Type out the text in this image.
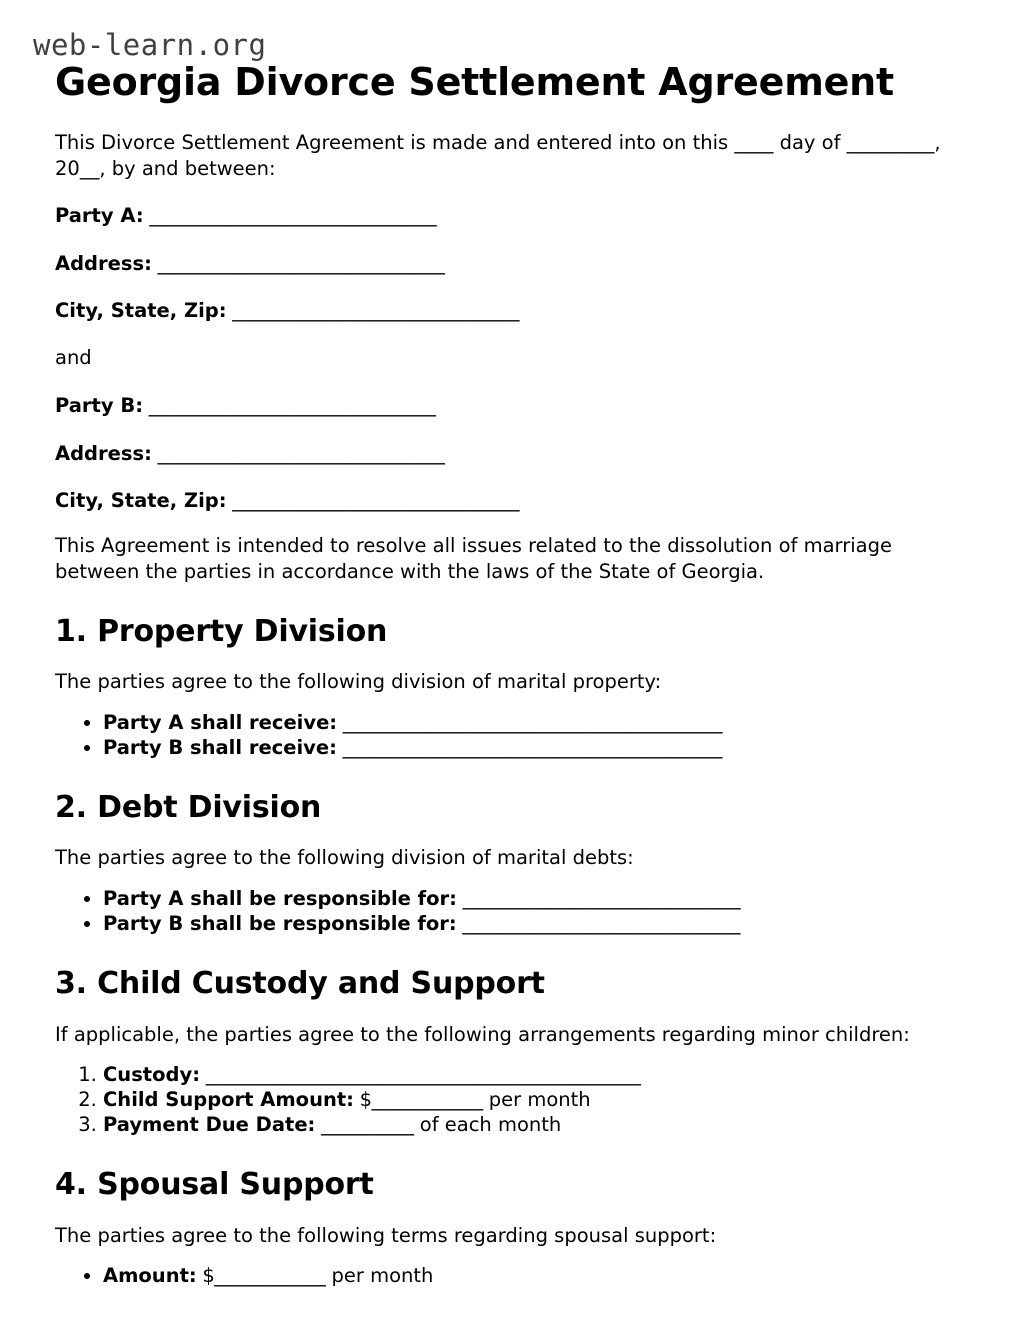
web-learn.org
Georgia Divorce Settlement Agreement

This Divorce Settlement Agreement is made and entered into on this ____ day of _________, 20__, by and between:

Party A: _______________________________
Address: _______________________________
City, State, Zip: _______________________________

and

Party B: _______________________________
Address: _______________________________
City, State, Zip: _______________________________

This Agreement is intended to resolve all issues related to the dissolution of marriage between the parties in accordance with the laws of the State of Georgia.

1. Property Division

The parties agree to the following division of marital property:

• Party A shall receive: _________________________________________
• Party B shall receive: _________________________________________
2. Debt Division

The parties agree to the following division of marital debts:

• Party A shall be responsible for: ______________________________
• Party B shall be responsible for: ______________________________
3. Child Custody and Support

If applicable, the parties agree to the following arrangements regarding minor children:

1. Custody: _______________________________________________
2. Child Support Amount: $____________ per month
3. Payment Due Date: __________ of each month
4. Spousal Support

The parties agree to the following terms regarding spousal support:

• Amount: $____________ per month
